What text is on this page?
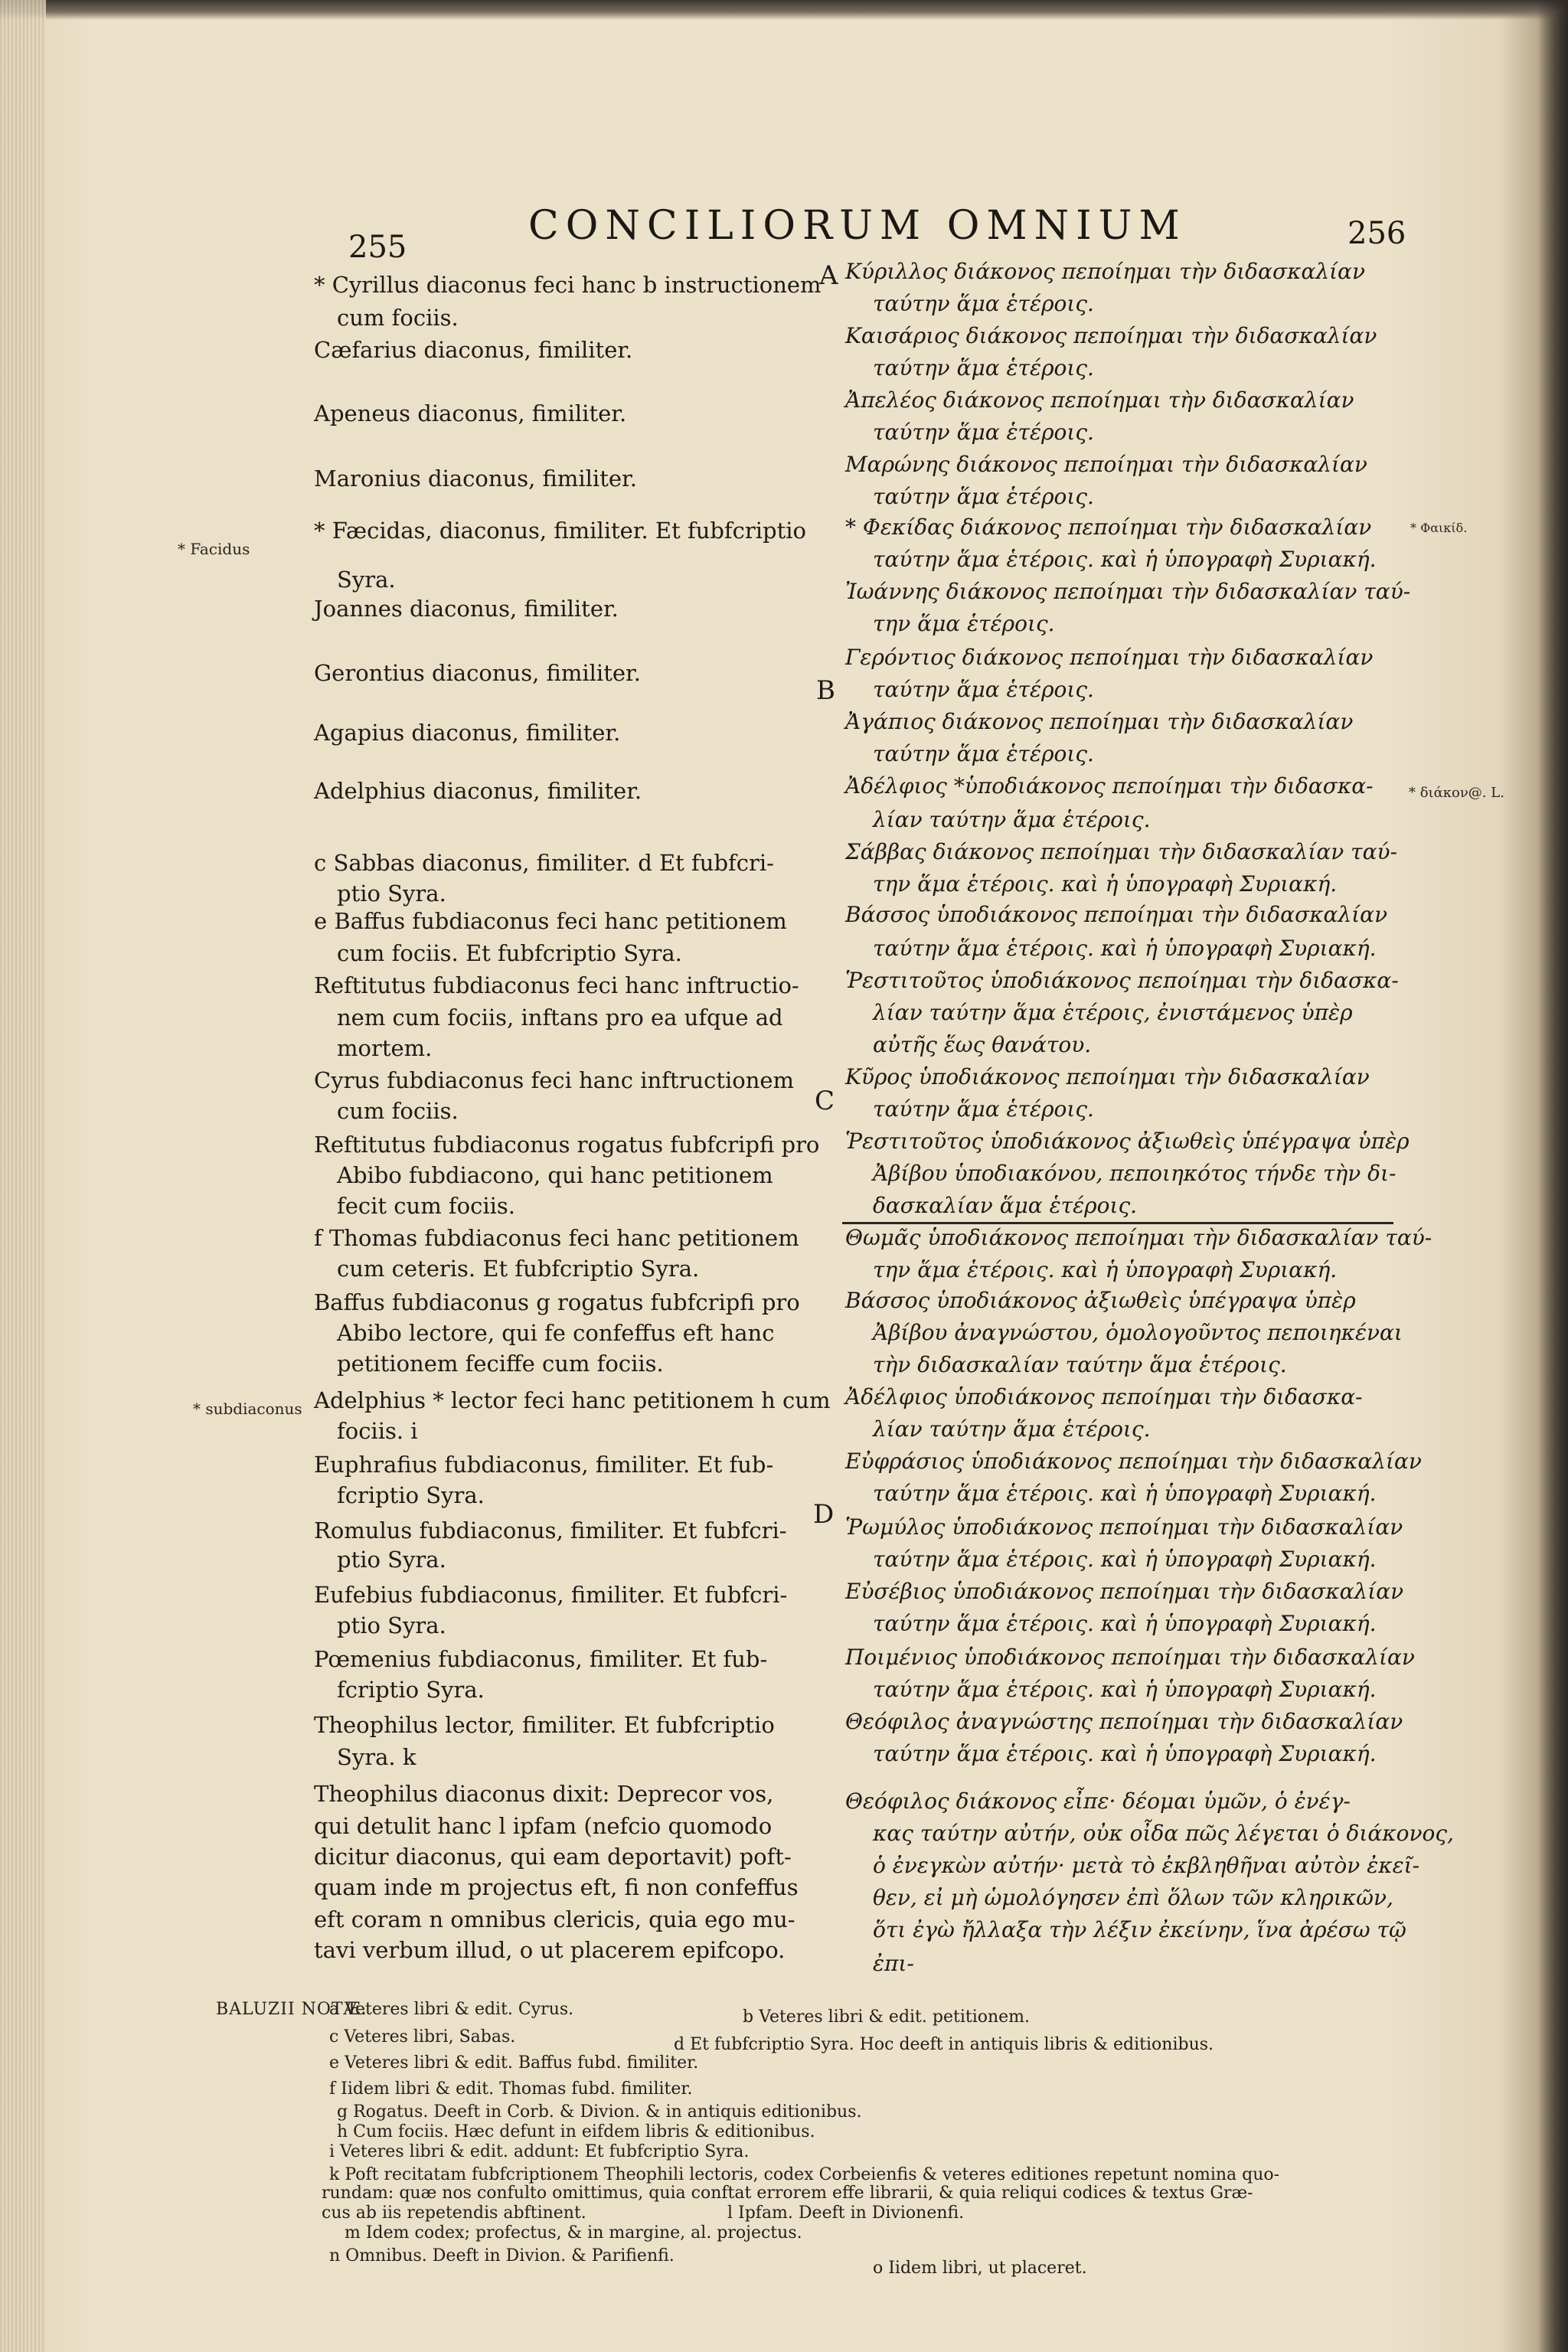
255	CONCILIORUM OMNIUM	256
* Facidus
* subdiaconus
* Φαικίδ.
* διάκον@. L.
A
B
C
D
* Cyrillus diaconus feci hanc b instructionem
cum fociis.
Cæfarius diaconus, fimiliter.
Apeneus diaconus, fimiliter.
Maronius diaconus, fimiliter.
* Fæcidas, diaconus, fimiliter. Et fubfcriptio
Syra.
Joannes diaconus, fimiliter.
Gerontius diaconus, fimiliter.
Agapius diaconus, fimiliter.
Adelphius diaconus, fimiliter.
c Sabbas diaconus, fimiliter. d Et fubfcri-
ptio Syra.
e Baffus fubdiaconus feci hanc petitionem
cum fociis. Et fubfcriptio Syra.
Reftitutus fubdiaconus feci hanc inftructio-
nem cum fociis, inftans pro ea ufque ad
mortem.
Cyrus fubdiaconus feci hanc inftructionem
cum fociis.
Reftitutus fubdiaconus rogatus fubfcripfi pro
Abibo fubdiacono, qui hanc petitionem
fecit cum fociis.
f Thomas fubdiaconus feci hanc petitionem
cum ceteris. Et fubfcriptio Syra.
Baffus fubdiaconus g rogatus fubfcripfi pro
Abibo lectore, qui fe confeffus eft hanc
petitionem feciffe cum fociis.
Adelphius * lector feci hanc petitionem h cum
fociis. i
Euphrafius fubdiaconus, fimiliter. Et fub-
fcriptio Syra.
Romulus fubdiaconus, fimiliter. Et fubfcri-
ptio Syra.
Eufebius fubdiaconus, fimiliter. Et fubfcri-
ptio Syra.
Pœmenius fubdiaconus, fimiliter. Et fub-
fcriptio Syra.
Theophilus lector, fimiliter. Et fubfcriptio
Syra. k
Theophilus diaconus dixit: Deprecor vos,
qui detulit hanc l ipfam (nefcio quomodo
dicitur diaconus, qui eam deportavit) poft-
quam inde m projectus eft, fi non confeffus
eft coram n omnibus clericis, quia ego mu-
tavi verbum illud, o ut placerem epifcopo.
Κύριλλος διάκονος πεποίημαι τὴν διδασκαλίαν
ταύτην ἅμα ἑτέροις.
Καισάριος διάκονος πεποίημαι τὴν διδασκαλίαν
ταύτην ἅμα ἑτέροις.
Ἀπελέος διάκονος πεποίημαι τὴν διδασκαλίαν
ταύτην ἅμα ἑτέροις.
Μαρώνης διάκονος πεποίημαι τὴν διδασκαλίαν
ταύτην ἅμα ἑτέροις.
* Φεκίδας διάκονος πεποίημαι τὴν διδασκαλίαν
ταύτην ἅμα ἑτέροις. καὶ ἡ ὑπογραφὴ Συριακή.
Ἰωάννης διάκονος πεποίημαι τὴν διδασκαλίαν ταύ-
την ἅμα ἑτέροις.
Γερόντιος διάκονος πεποίημαι τὴν διδασκαλίαν
ταύτην ἅμα ἑτέροις.
Ἀγάπιος διάκονος πεποίημαι τὴν διδασκαλίαν
ταύτην ἅμα ἑτέροις.
Ἀδέλφιος *ὑποδιάκονος πεποίημαι τὴν διδασκα-
λίαν ταύτην ἅμα ἑτέροις.
Σάββας διάκονος πεποίημαι τὴν διδασκαλίαν ταύ-
την ἅμα ἑτέροις. καὶ ἡ ὑπογραφὴ Συριακή.
Βάσσος ὑποδιάκονος πεποίημαι τὴν διδασκαλίαν
ταύτην ἅμα ἑτέροις. καὶ ἡ ὑπογραφὴ Συριακή.
Ῥεστιτοῦτος ὑποδιάκονος πεποίημαι τὴν διδασκα-
λίαν ταύτην ἅμα ἑτέροις, ἐνιστάμενος ὑπὲρ
αὐτῆς ἕως θανάτου.
Κῦρος ὑποδιάκονος πεποίημαι τὴν διδασκαλίαν
ταύτην ἅμα ἑτέροις.
Ῥεστιτοῦτος ὑποδιάκονος ἀξιωθεὶς ὑπέγραψα ὑπὲρ
Ἀβίβου ὑποδιακόνου, πεποιηκότος τήνδε τὴν δι-
δασκαλίαν ἅμα ἑτέροις.
Θωμᾶς ὑποδιάκονος πεποίημαι τὴν διδασκαλίαν ταύ-
την ἅμα ἑτέροις. καὶ ἡ ὑπογραφὴ Συριακή.
Βάσσος ὑποδιάκονος ἀξιωθεὶς ὑπέγραψα ὑπὲρ
Ἀβίβου ἀναγνώστου, ὁμολογοῦντος πεποιηκέναι
τὴν διδασκαλίαν ταύτην ἅμα ἑτέροις.
Ἀδέλφιος ὑποδιάκονος πεποίημαι τὴν διδασκα-
λίαν ταύτην ἅμα ἑτέροις.
Εὐφράσιος ὑποδιάκονος πεποίημαι τὴν διδασκαλίαν
ταύτην ἅμα ἑτέροις. καὶ ἡ ὑπογραφὴ Συριακή.
Ῥωμύλος ὑποδιάκονος πεποίημαι τὴν διδασκαλίαν
ταύτην ἅμα ἑτέροις. καὶ ἡ ὑπογραφὴ Συριακή.
Εὐσέβιος ὑποδιάκονος πεποίημαι τὴν διδασκαλίαν
ταύτην ἅμα ἑτέροις. καὶ ἡ ὑπογραφὴ Συριακή.
Ποιμένιος ὑποδιάκονος πεποίημαι τὴν διδασκαλίαν
ταύτην ἅμα ἑτέροις. καὶ ἡ ὑπογραφὴ Συριακή.
Θεόφιλος ἀναγνώστης πεποίημαι τὴν διδασκαλίαν
ταύτην ἅμα ἑτέροις. καὶ ἡ ὑπογραφὴ Συριακή.
Θεόφιλος διάκονος εἶπε· δέομαι ὑμῶν, ὁ ἐνέγ-
κας ταύτην αὐτήν, οὐκ οἶδα πῶς λέγεται ὁ διάκονος,
ὁ ἐνεγκὼν αὐτήν· μετὰ τὸ ἐκβληθῆναι αὐτὸν ἐκεῖ-
θεν, εἰ μὴ ὡμολόγησεν ἐπὶ ὅλων τῶν κληρικῶν,
ὅτι ἐγὼ ἤλλαξα τὴν λέξιν ἐκείνην, ἵνα ἀρέσω τῷ
ἐπι-
BALUZII NOTÆ.
a Veteres libri & edit. Cyrus.	b Veteres libri & edit. petitionem.
c Veteres libri, Sabas.	d Et fubfcriptio Syra. Hoc deeft in antiquis libris & editionibus.
e Veteres libri & edit. Baffus fubd. fimiliter.
f Iidem libri & edit. Thomas fubd. fimiliter.
g Rogatus. Deeft in Corb. & Divion. & in antiquis editionibus.
h Cum fociis. Hæc defunt in eifdem libris & editionibus.
i Veteres libri & edit. addunt: Et fubfcriptio Syra.
k Poft recitatam fubfcriptionem Theophili lectoris, codex Corbeienfis & veteres editiones repetunt nomina quo-
rundam: quæ nos confulto omittimus, quia conftat errorem effe librarii, & quia reliqui codices & textus Græ-
cus ab iis repetendis abftinent.	l Ipfam. Deeft in Divionenfi.
m Idem codex; profectus, & in margine, al. projectus.
n Omnibus. Deeft in Divion. & Parifienfi.
o Iidem libri, ut placeret.
